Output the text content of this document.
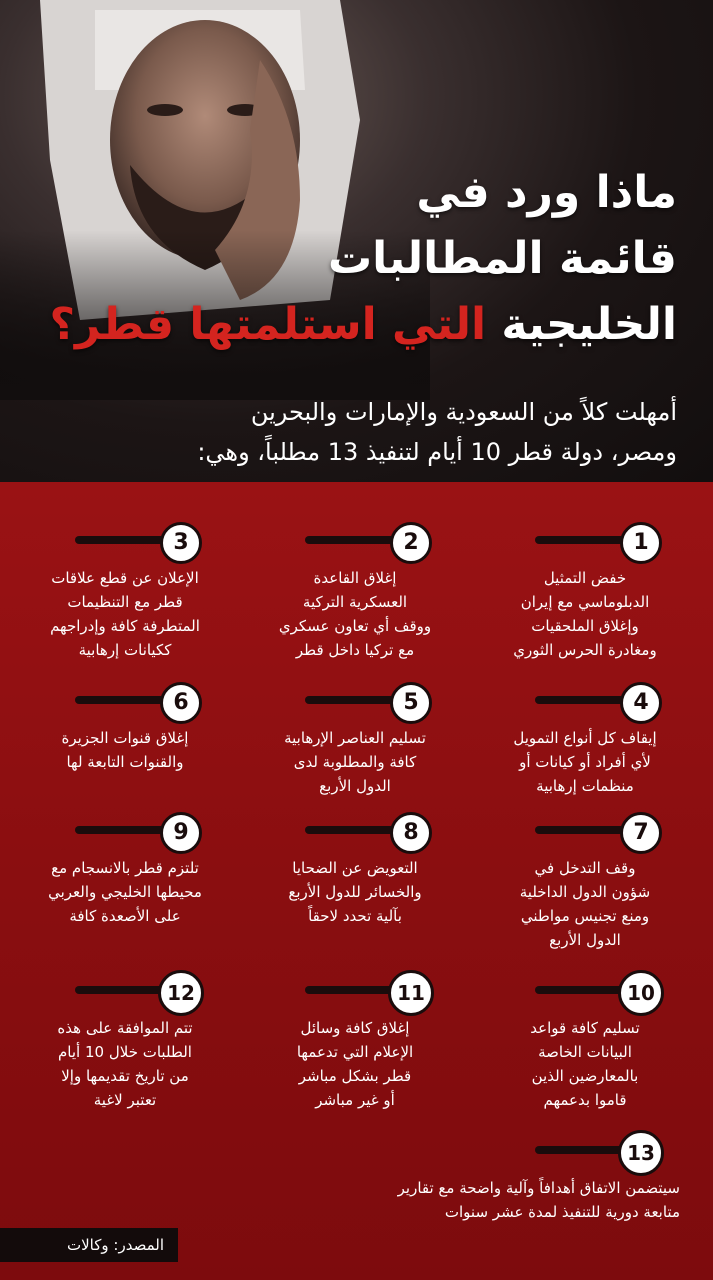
ماذا ورد في
قائمة المطالبات
الخليجية التي استلمتها قطر؟
أمهلت كلاً من السعودية والإمارات والبحرين
ومصر، دولة قطر 10 أيام لتنفيذ 13 مطلباً، وهي:
1
خفض التمثيل
الدبلوماسي مع إيران
وإغلاق الملحقيات
ومغادرة الحرس الثوري
2
إغلاق القاعدة
العسكرية التركية
ووقف أي تعاون عسكري
مع تركيا داخل قطر
3
الإعلان عن قطع علاقات
قطر مع التنظيمات
المتطرفة كافة وإدراجهم
ككيانات إرهابية
4
إيقاف كل أنواع التمويل
لأي أفراد أو كيانات أو
منظمات إرهابية
5
تسليم العناصر الإرهابية
كافة والمطلوبة لدى
الدول الأربع
6
إغلاق قنوات الجزيرة
والقنوات التابعة لها
7
وقف التدخل في
شؤون الدول الداخلية
ومنع تجنيس مواطني
الدول الأربع
8
التعويض عن الضحايا
والخسائر للدول الأربع
بآلية تحدد لاحقاً
9
تلتزم قطر بالانسجام مع
محيطها الخليجي والعربي
على الأصعدة كافة
10
تسليم كافة قواعد
البيانات الخاصة
بالمعارضين الذين
قاموا بدعمهم
11
إغلاق كافة وسائل
الإعلام التي تدعمها
قطر بشكل مباشر
أو غير مباشر
12
تتم الموافقة على هذه
الطلبات خلال 10 أيام
من تاريخ تقديمها وإلا
تعتبر لاغية
13
سيتضمن الاتفاق أهدافاً وآلية واضحة مع تقارير
متابعة دورية للتنفيذ لمدة عشر سنوات
المصدر: وكالات
